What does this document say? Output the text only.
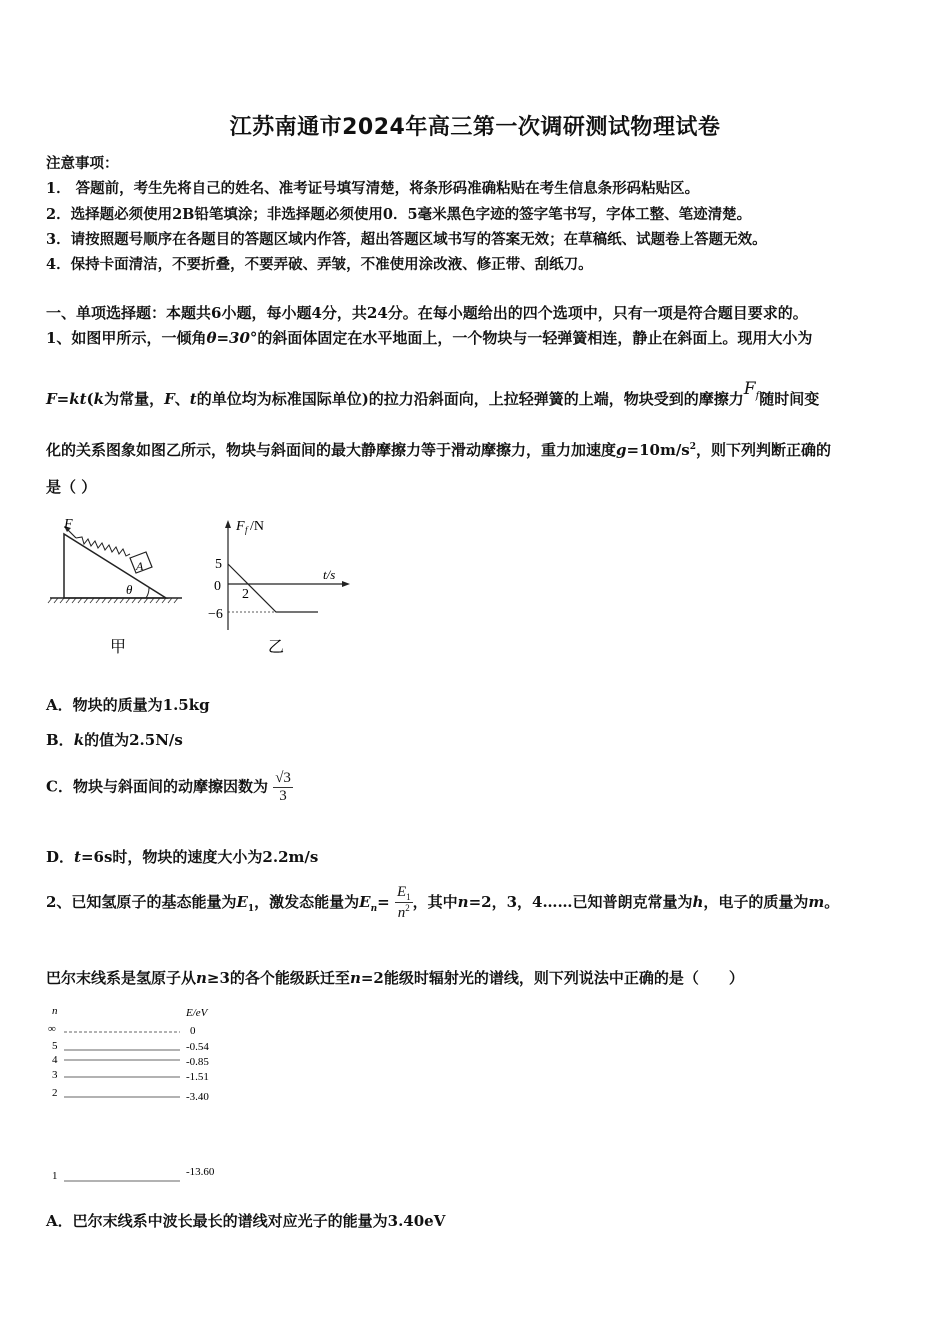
江苏南通市2024年高三第一次调研测试物理试卷
注意事项：
1． 答题前，考生先将自己的姓名、准考证号填写清楚，将条形码准确粘贴在考生信息条形码粘贴区。
2．选择题必须使用2B铅笔填涂；非选择题必须使用0．5毫米黑色字迹的签字笔书写，字体工整、笔迹清楚。
3．请按照题号顺序在各题目的答题区域内作答，超出答题区域书写的答案无效；在草稿纸、试题卷上答题无效。
4．保持卡面清洁，不要折叠，不要弄破、弄皱，不准使用涂改液、修正带、刮纸刀。
一、单项选择题：本题共6小题，每小题4分，共24分。在每小题给出的四个选项中，只有一项是符合题目要求的。
1、如图甲所示，一倾角θ=30°的斜面体固定在水平地面上，一个物块与一轻弹簧相连，静止在斜面上。现用大小为
F=kt(k为常量，F、t的单位均为标准国际单位)的拉力沿斜面向，上拉轻弹簧的上端，物块受到的摩擦力$F_f$随时间变
化的关系图象如图乙所示，物块与斜面间的最大静摩擦力等于滑动摩擦力，重力加速度$g=10m/s^2$，则下列判断正确的
是（ ）
F
A
θ
甲
F f /N
t/s
5
0
−6
2
乙
A．物块的质量为1.5kg
B．k的值为2.5N/s
C．物块与斜面间的动摩擦因数为 $\frac{√3}{3}$
D．t=6s时，物块的速度大小为2.2m/s
2、已知氢原子的基态能量为$E_1$，激发态能量为$E_n= \frac{E_1}{n^2}$ ，其中n=2，3，4……已知普朗克常量为h，电子的质量为m。
巴尔末线系是氢原子从n≥3的各个能级跃迁至n=2能级时辐射光的谱线，则下列说法中正确的是（　　）
n	E/eV
∞	0
5	-0.54
4	-0.85
3	-1.51
2	-3.40
1	-13.60
A．巴尔末线系中波长最长的谱线对应光子的能量为3.40eV
